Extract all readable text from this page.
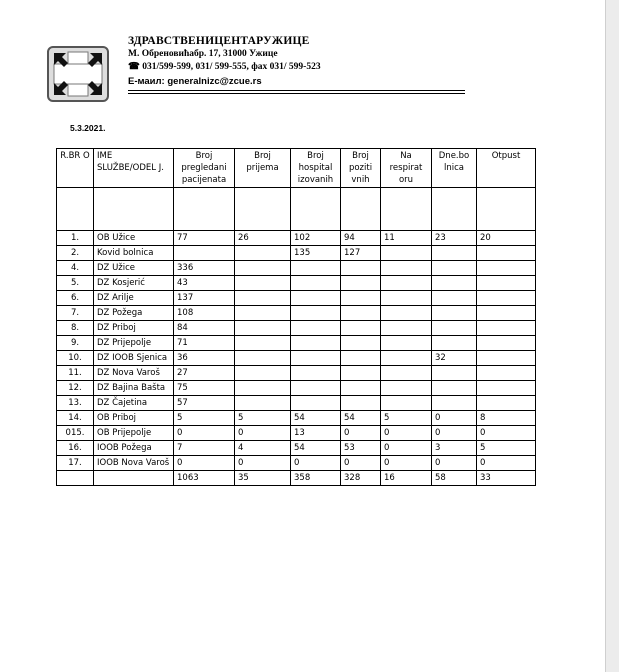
ЗДРАВСТВЕНИЦЕНТАРУЖИЦЕ
М. Обреновићабр. 17, 31000 Ужице
☎ 031/599-599, 031/ 599-555, фах 031/ 599-523
Е-маил: generalnizc@zcue.rs
5.3.2021.
R.BR O	IME SLUŽBE/ODEL J.	Broj pregledani pacijenata	Broj prijema	Broj hospital izovanih	Broj poziti vnih	Na respirat oru	Dne.bo lnica	Otpust

1.	OB Užice	77	26	102	94	11	23	20
2.	Kovid bolnica			135	127			
4.	DZ Užice	336						
5.	DZ Kosjerić	43						
6.	DZ Arilje	137						
7.	DZ Požega	108						
8.	DZ Priboj	84						
9.	DZ Prijepolje	71						
10.	DZ IOOB Sjenica	36					32	
11.	DZ Nova Varoš	27						
12.	DZ Bajina Bašta	75						
13.	DZ Čajetina	57						
14.	OB Priboj	5	5	54	54	5	0	8
015.	OB Prijepolje	0	0	13	0	0	0	0
16.	IOOB Požega	7	4	54	53	0	3	5
17.	IOOB Nova Varoš	0	0	0	0	0	0	0
		1063	35	358	328	16	58	33
